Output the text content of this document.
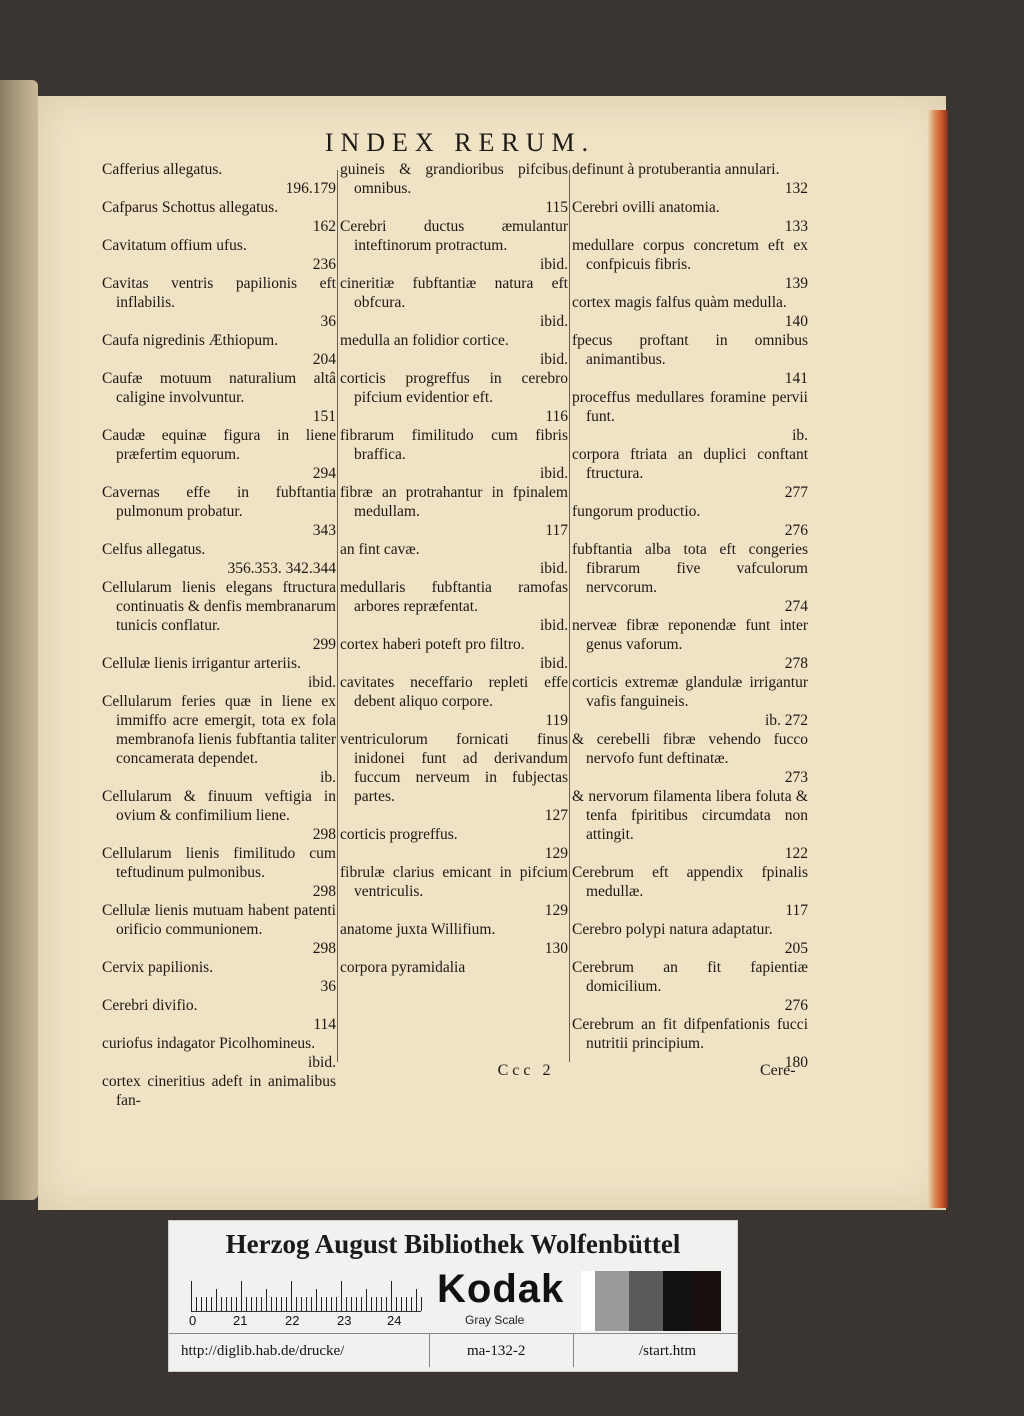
INDEX RERUM.
Cafferius allegatus.
196.179
Cafparus Schottus allegatus.
162
Cavitatum offium ufus.
236
Cavitas ventris papilionis eft inflabilis.
36
Caufa nigredinis Æthiopum.
204
Caufæ motuum naturalium altâ caligine involvuntur.
151
Caudæ equinæ figura in liene præfertim equorum.
294
Cavernas effe in fubftantia pulmonum probatur.
343
Celfus allegatus.
356.353. 342.344
Cellularum lienis elegans ftructura continuatis & denfis membranarum tunicis conflatur.
299
Cellulæ lienis irrigantur arteriis.
ibid.
Cellularum feries quæ in liene ex immiffo acre emergit, tota ex fola membranofa lienis fubftantia taliter concamerata dependet.
ib.
Cellularum & finuum veftigia in ovium & confimilium liene.
298
Cellularum lienis fimilitudo cum teftudinum pulmonibus.
298
Cellulæ lienis mutuam habent patenti orificio communionem.
298
Cervix papilionis.
36
Cerebri divifio.
114
curiofus indagator Picolhomineus.
ibid.
cortex cineritius adeft in animalibus fan-
guineis & grandioribus pifcibus omnibus.
115
Cerebri ductus æmulantur inteftinorum protractum.
ibid.
cineritiæ fubftantiæ natura eft obfcura.
ibid.
medulla an folidior cortice.
ibid.
corticis progreffus in cerebro pifcium evidentior eft.
116
fibrarum fimilitudo cum fibris braffica.
ibid.
fibræ an protrahantur in fpinalem medullam.
117
an fint cavæ.
ibid.
medullaris fubftantia ramofas arbores repræfentat.
ibid.
cortex haberi poteft pro filtro.
ibid.
cavitates neceffario repleti effe debent aliquo corpore.
119
ventriculorum fornicati finus inidonei funt ad derivandum fuccum nerveum in fubjectas partes.
127
corticis progreffus.
129
fibrulæ clarius emicant in pifcium ventriculis.
129
anatome juxta Willifium.
130
corpora pyramidalia
definunt à protuberantia annulari.
132
Cerebri ovilli anatomia.
133
medullare corpus concretum eft ex confpicuis fibris.
139
cortex magis falfus quàm medulla.
140
fpecus proftant in omnibus animantibus.
141
proceffus medullares foramine pervii funt.
ib.
corpora ftriata an duplici conftant ftructura.
277
fungorum productio.
276
fubftantia alba tota eft congeries fibrarum five vafculorum nervcorum.
274
nerveæ fibræ reponendæ funt inter genus vaforum.
278
corticis extremæ glandulæ irrigantur vafis fanguineis.
ib. 272
& cerebelli fibræ vehendo fucco nervofo funt deftinatæ.
273
& nervorum filamenta libera foluta & tenfa fpiritibus circumdata non attingit.
122
Cerebrum eft appendix fpinalis medullæ.
117
Cerebro polypi natura adaptatur.
205
Cerebrum an fit fapientiæ domicilium.
276
Cerebrum an fit difpenfationis fucci nutritii principium.
180
Ccc 2	Cere-
Herzog August Bibliothek Wolfenbüttel
0	21	22	23	24
Kodak
Gray Scale
http://diglib.hab.de/drucke/	ma-132-2	/start.htm
